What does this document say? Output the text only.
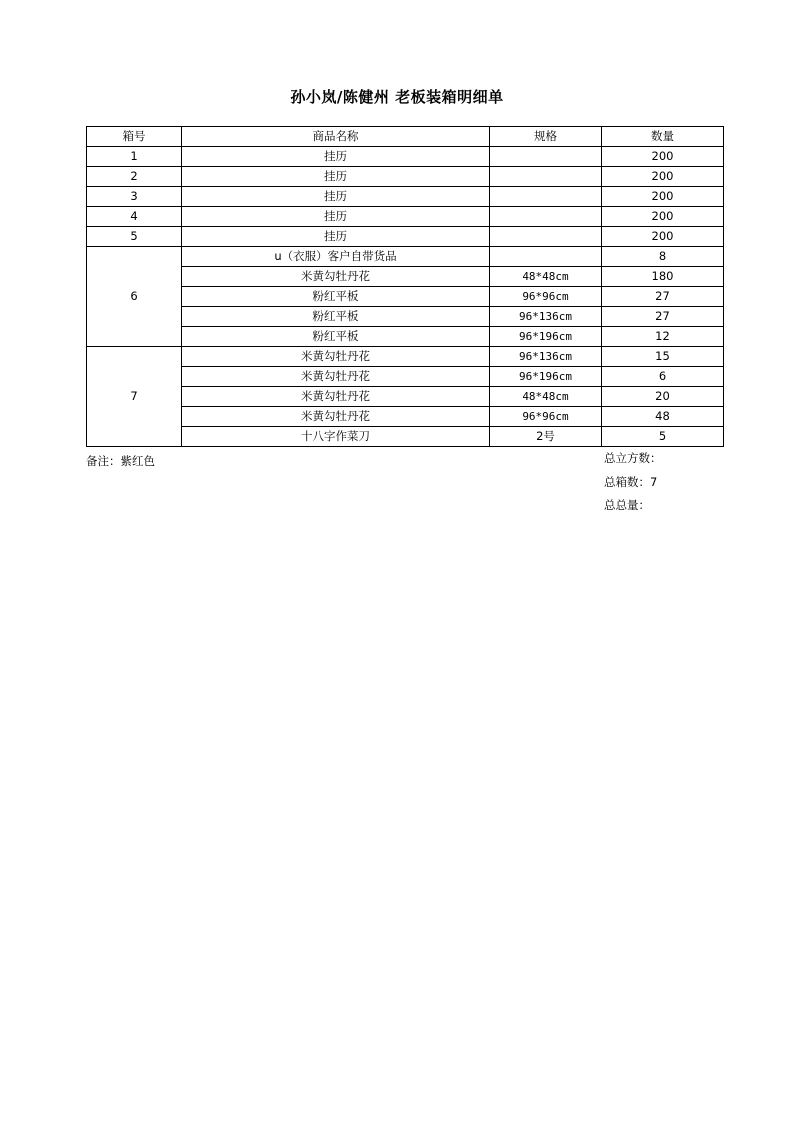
孙小岚/陈健州 老板装箱明细单
箱号	商品名称	规格	数量
1	挂历		200
2	挂历		200
3	挂历		200
4	挂历		200
5	挂历		200
6	u（衣服）客户自带货品		8
	米黄勾牡丹花	48*48cm	180
	粉红平板	96*96cm	27
	粉红平板	96*136cm	27
	粉红平板	96*196cm	12
7	米黄勾牡丹花	96*136cm	15
	米黄勾牡丹花	96*196cm	6
	米黄勾牡丹花	48*48cm	20
	米黄勾牡丹花	96*96cm	48
	十八字作菜刀	2号	5
备注：紫红色	总立方数：
总箱数：7
总总量：
